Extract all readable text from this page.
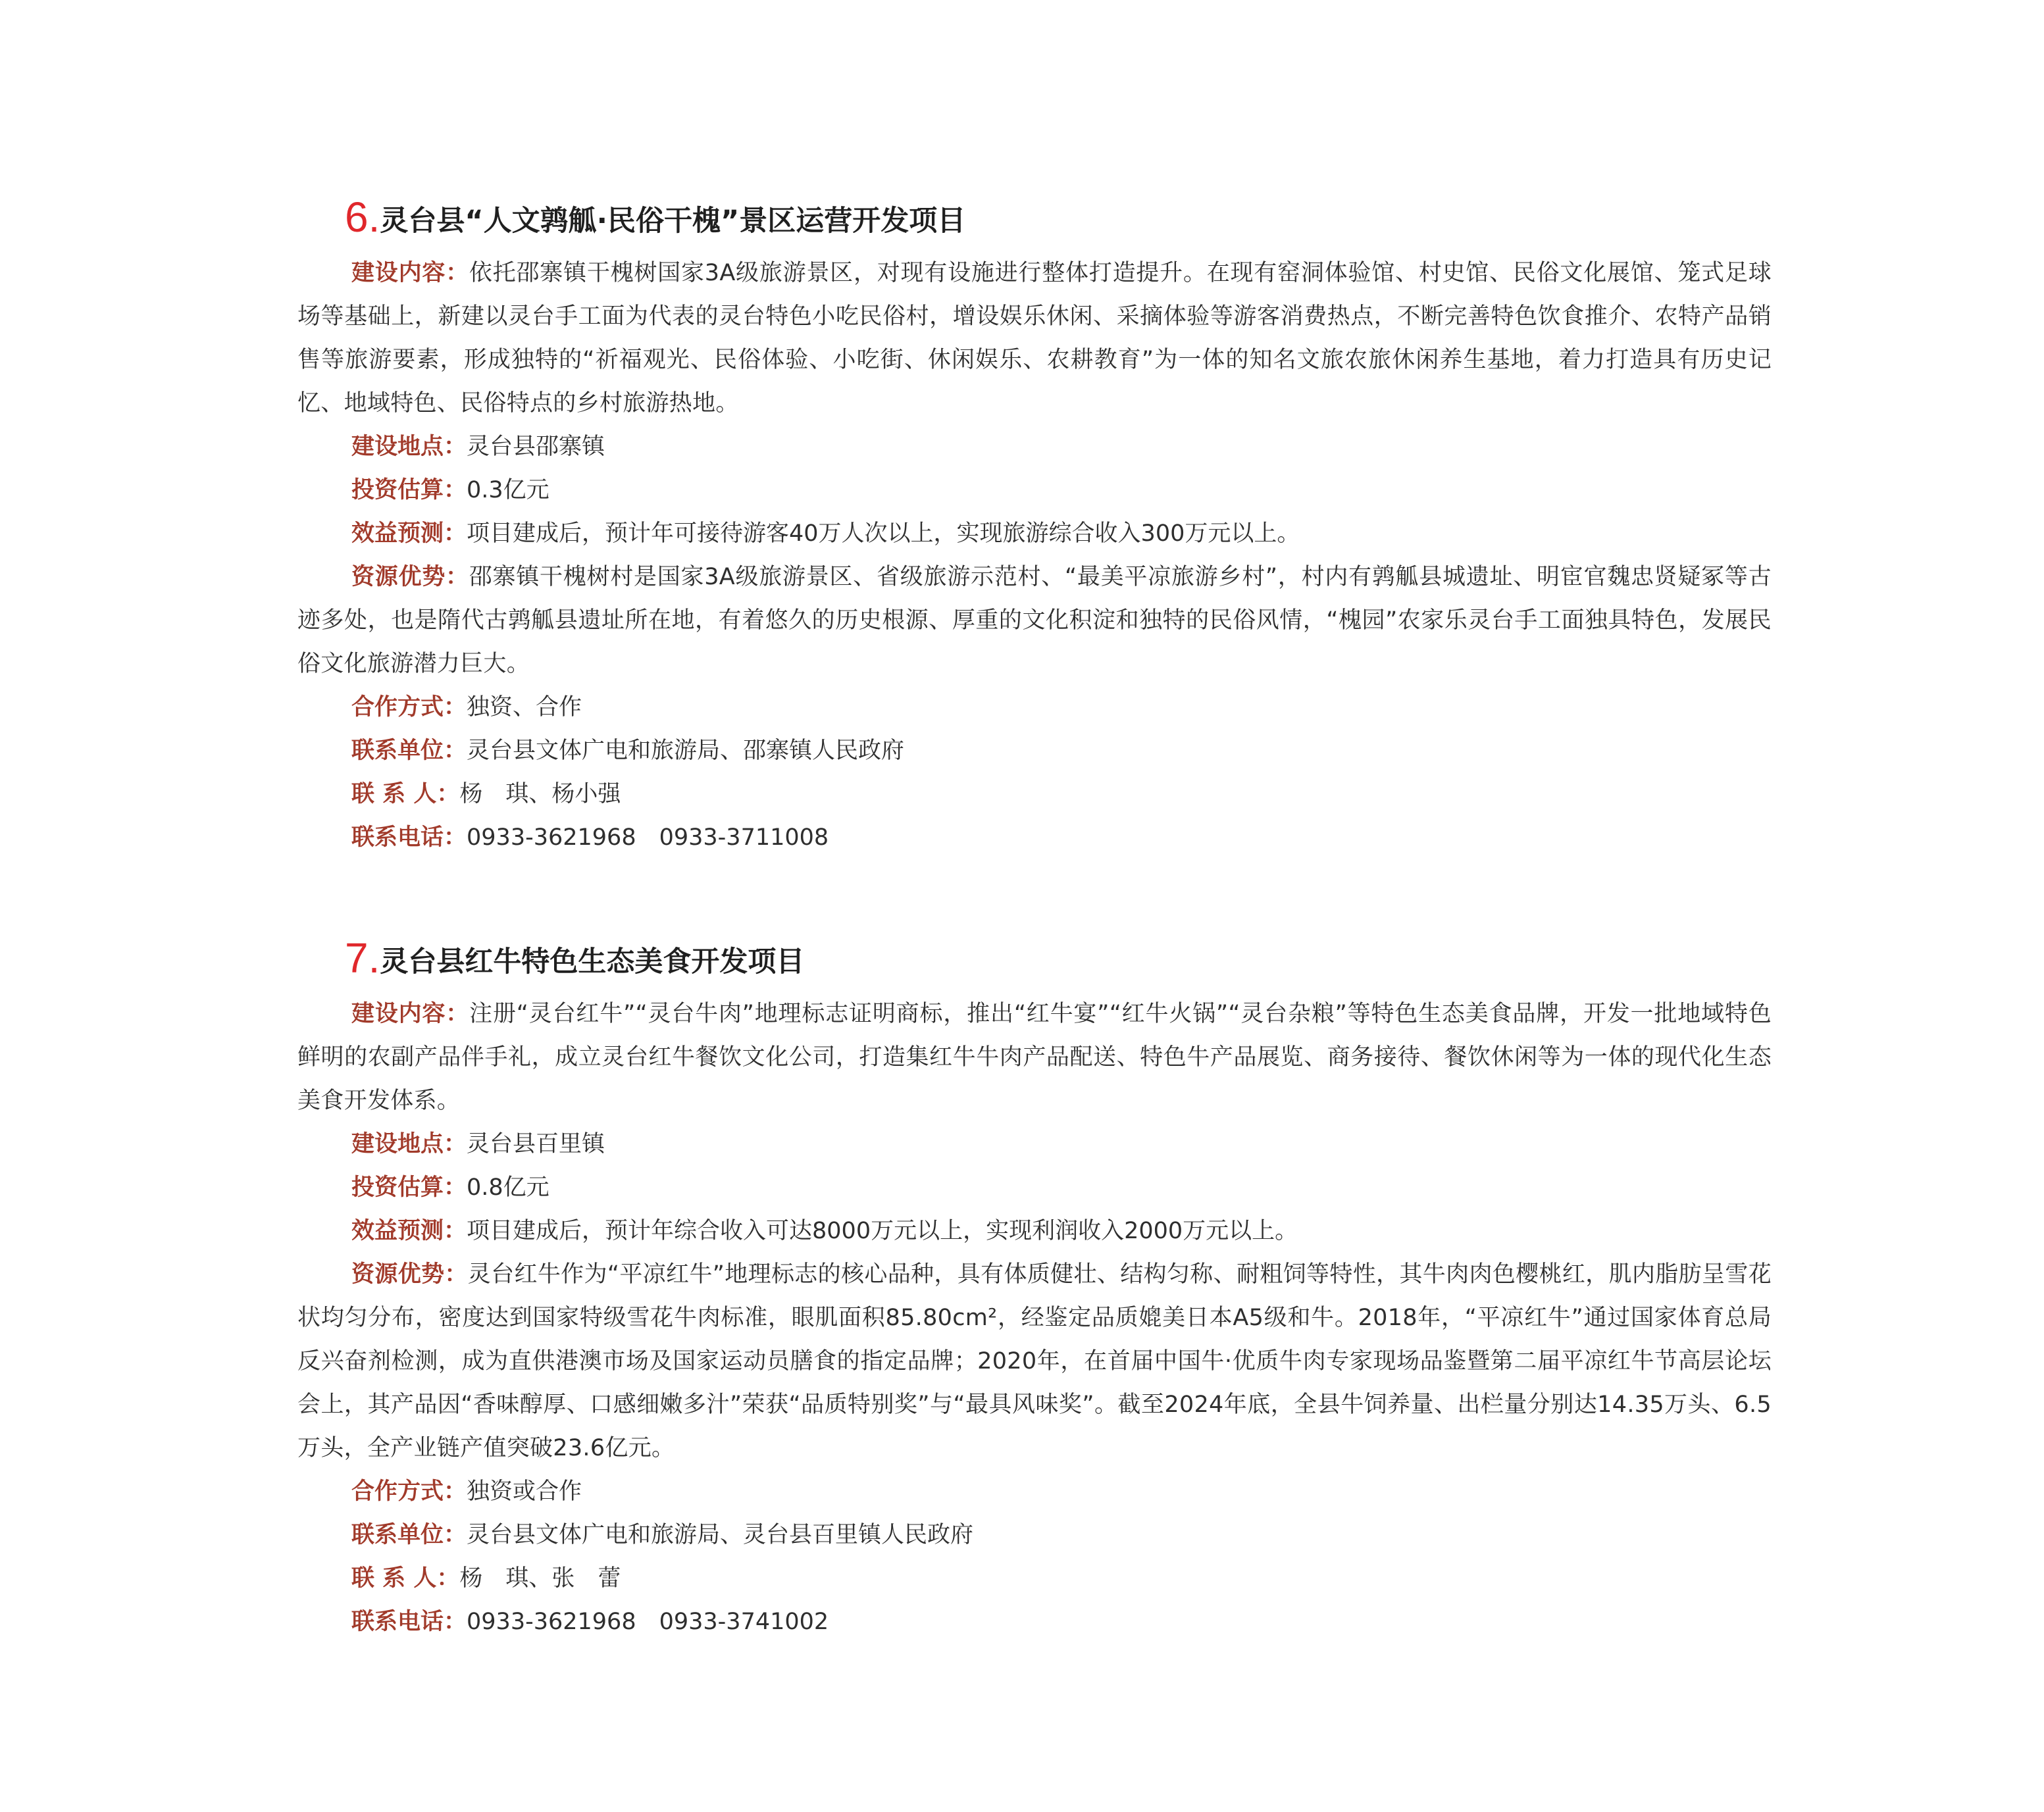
6.灵台县“人文鹑觚·民俗干槐”景区运营开发项目

建设内容：依托邵寨镇干槐树国家3A级旅游景区，对现有设施进行整体打造提升。在现有窑洞体验馆、村史馆、民俗文化展馆、笼式足球场等基础上，新建以灵台手工面为代表的灵台特色小吃民俗村，增设娱乐休闲、采摘体验等游客消费热点，不断完善特色饮食推介、农特产品销售等旅游要素，形成独特的“祈福观光、民俗体验、小吃街、休闲娱乐、农耕教育”为一体的知名文旅农旅休闲养生基地，着力打造具有历史记忆、地域特色、民俗特点的乡村旅游热地。

建设地点：灵台县邵寨镇

投资估算：0.3亿元

效益预测：项目建成后，预计年可接待游客40万人次以上，实现旅游综合收入300万元以上。

资源优势：邵寨镇干槐树村是国家3A级旅游景区、省级旅游示范村、“最美平凉旅游乡村”，村内有鹑觚县城遗址、明宦官魏忠贤疑冢等古迹多处，也是隋代古鹑觚县遗址所在地，有着悠久的历史根源、厚重的文化积淀和独特的民俗风情，“槐园”农家乐灵台手工面独具特色，发展民俗文化旅游潜力巨大。

合作方式：独资、合作

联系单位：灵台县文体广电和旅游局、邵寨镇人民政府

联 系 人：杨　琪、杨小强

联系电话：0933-3621968　0933-3711008

7.灵台县红牛特色生态美食开发项目

建设内容：注册“灵台红牛”“灵台牛肉”地理标志证明商标，推出“红牛宴”“红牛火锅”“灵台杂粮”等特色生态美食品牌，开发一批地域特色鲜明的农副产品伴手礼，成立灵台红牛餐饮文化公司，打造集红牛牛肉产品配送、特色牛产品展览、商务接待、餐饮休闲等为一体的现代化生态美食开发体系。

建设地点：灵台县百里镇

投资估算：0.8亿元

效益预测：项目建成后，预计年综合收入可达8000万元以上，实现利润收入2000万元以上。

资源优势：灵台红牛作为“平凉红牛”地理标志的核心品种，具有体质健壮、结构匀称、耐粗饲等特性，其牛肉肉色樱桃红，肌内脂肪呈雪花状均匀分布，密度达到国家特级雪花牛肉标准，眼肌面积85.80cm²，经鉴定品质媲美日本A5级和牛。2018年，“平凉红牛”通过国家体育总局反兴奋剂检测，成为直供港澳市场及国家运动员膳食的指定品牌；2020年，在首届中国牛·优质牛肉专家现场品鉴暨第二届平凉红牛节高层论坛会上，其产品因“香味醇厚、口感细嫩多汁”荣获“品质特别奖”与“最具风味奖”。截至2024年底，全县牛饲养量、出栏量分别达14.35万头、6.5万头，全产业链产值突破23.6亿元。

合作方式：独资或合作

联系单位：灵台县文体广电和旅游局、灵台县百里镇人民政府

联 系 人：杨　琪、张　蕾

联系电话：0933-3621968　0933-3741002
